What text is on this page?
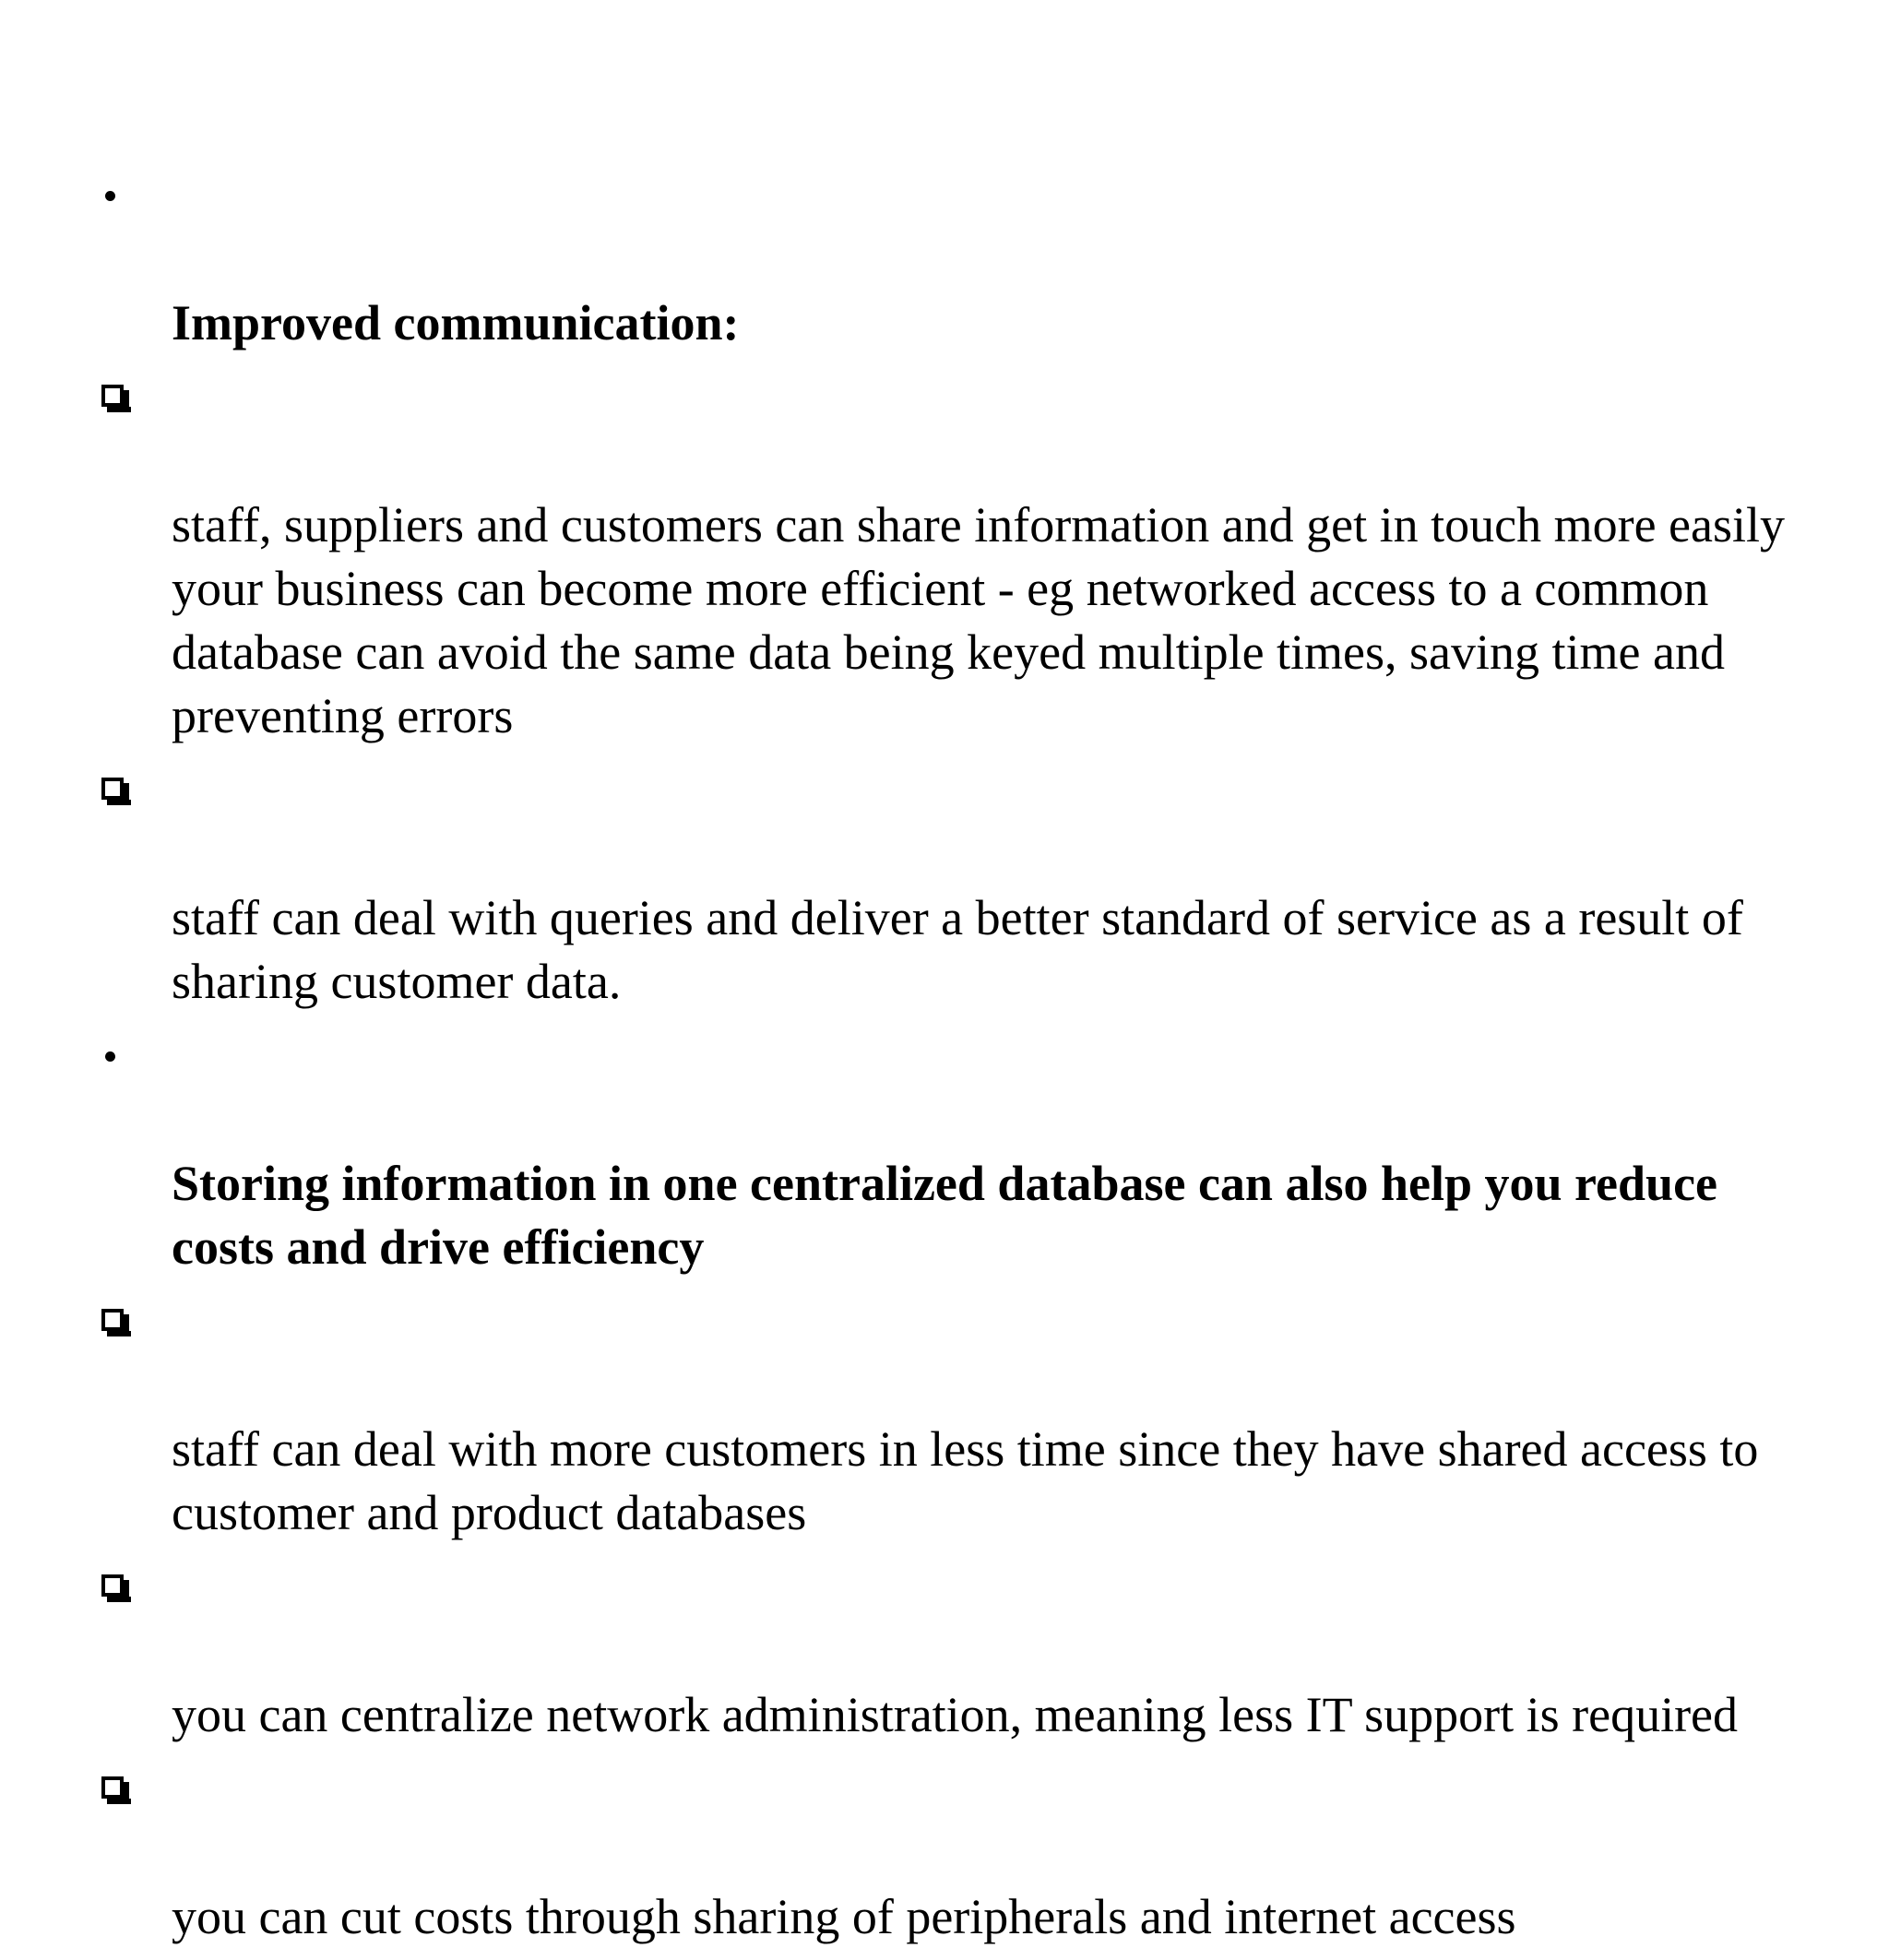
Improved communication:

staff, suppliers and customers can share information and get in touch more easily your business can become more efficient - eg networked access to a common database can avoid the same data being keyed multiple times, saving time and preventing errors

staff can deal with queries and deliver a better standard of service as a result of sharing customer data.

Storing information in one centralized database can also help you reduce costs and drive efficiency

staff can deal with more customers in less time since they have shared access to customer and product databases

you can centralize network administration, meaning less IT support is required

you can cut costs through sharing of peripherals and internet access
